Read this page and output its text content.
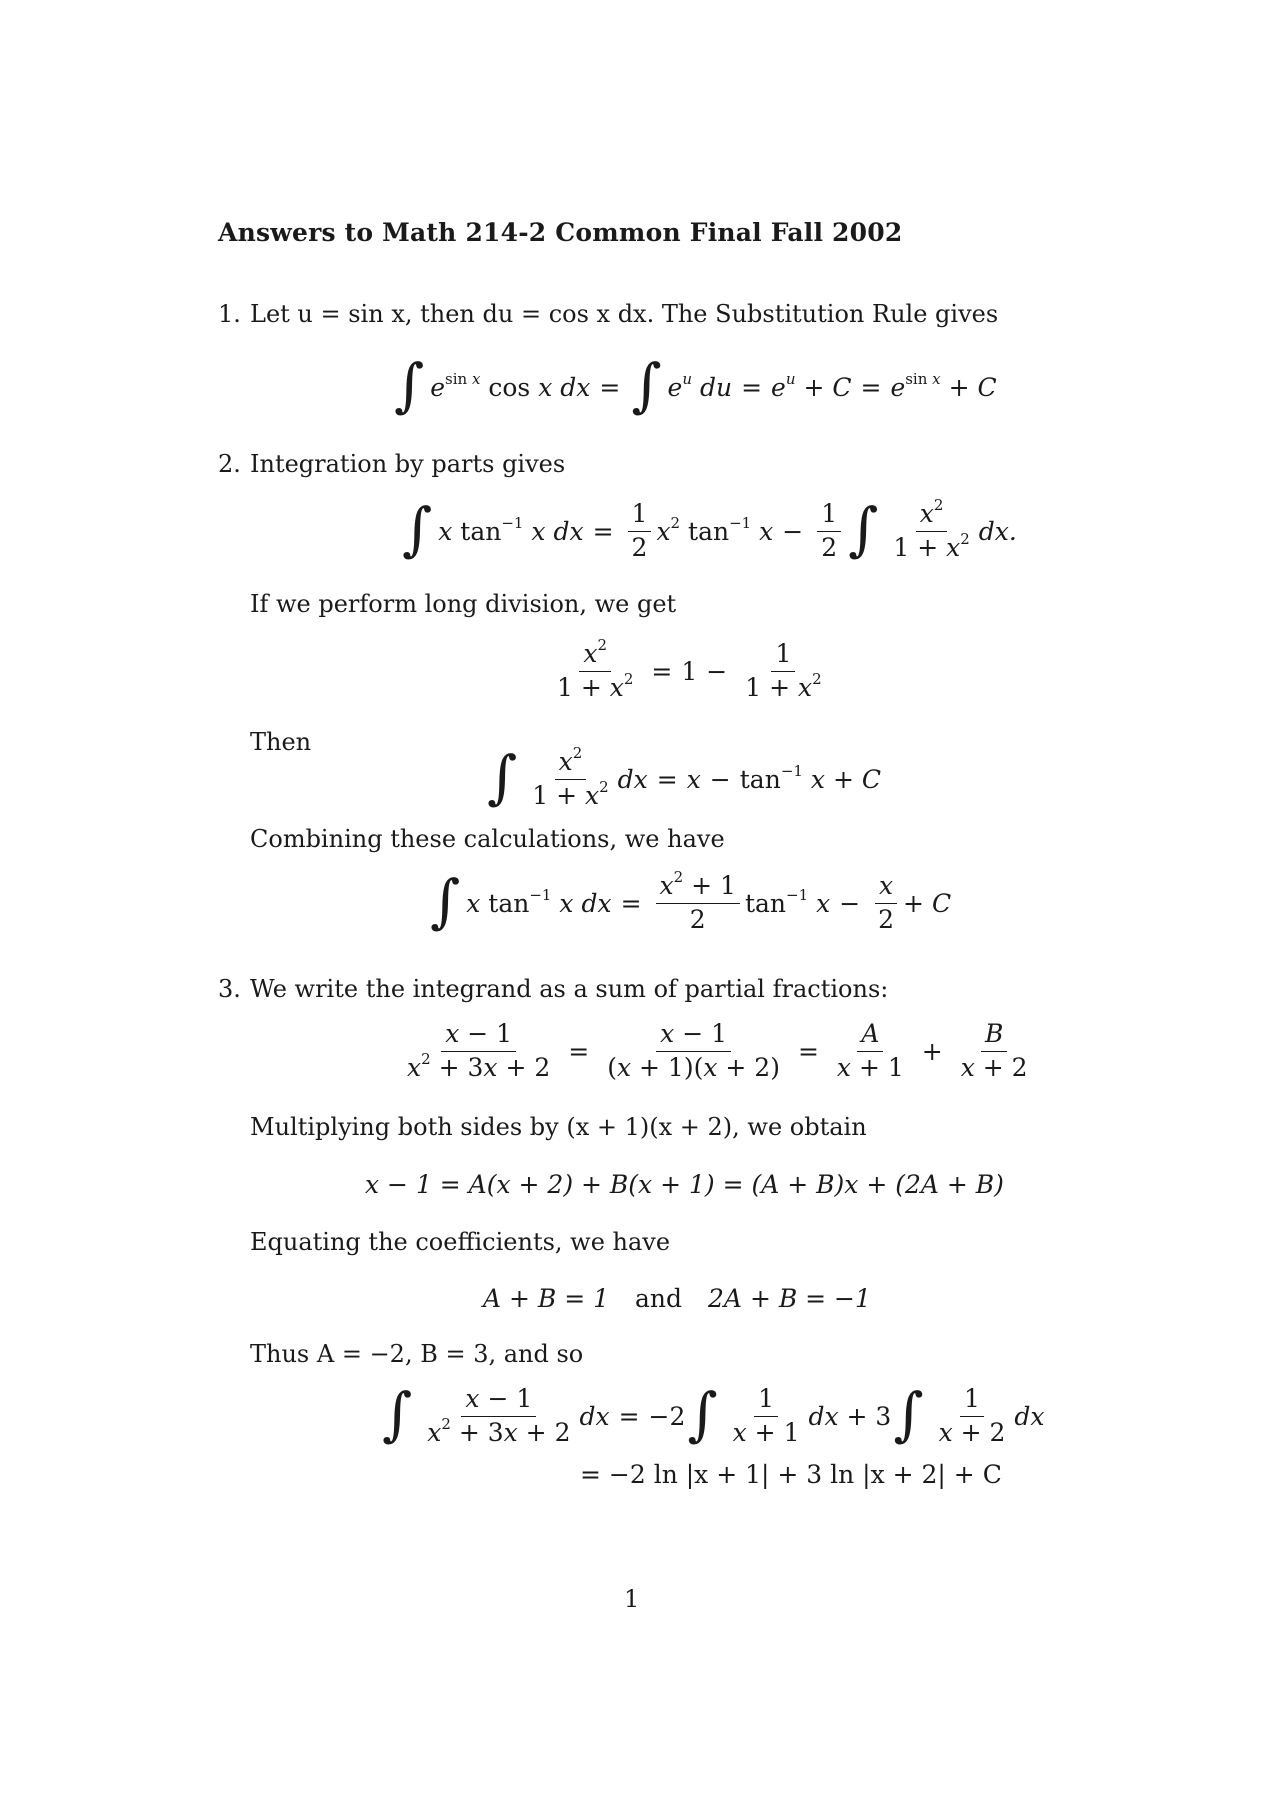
Answers to Math 214-2 Common Final Fall 2002
1. Let u = sin x, then du = cos x dx. The Substitution Rule gives
∫ $e^{sin x}$ cos x dx = ∫ $e^u$ du = $e^u + C = e^{sin x} + C$
2. Integration by parts gives
∫ x $\tan^{-1} x$ dx = $\frac{1}{2} x^2$ $\tan^{-1} x - \frac{1}{2}$ ∫ $\frac{x^2}{1 + x^2}$ dx.
If we perform long division, we get
$\frac{x^2}{1 + x^2} = 1 - \frac{1}{1 + x^2}$
Then
∫ $\frac{x^2}{1 + x^2}$ dx = $x - \tan^{-1} x + C$
Combining these calculations, we have
∫ x $\tan^{-1} x$ dx = $\frac{x^2 + 1}{2} \tan^{-1} x - \frac{x}{2} + C$
3. We write the integrand as a sum of partial fractions:
$\frac{x - 1}{x^2 + 3x + 2} = \frac{x - 1}{(x + 1)(x + 2)} = \frac{A}{x + 1} + \frac{B}{x + 2}$
Multiplying both sides by (x + 1)(x + 2), we obtain
x − 1 = A(x + 2) + B(x + 1) = (A + B)x + (2A + B)
Equating the coefficients, we have
A + B = 1 and 2A + B = −1
Thus A = −2, B = 3, and so
∫ $\frac{x - 1}{x^2 + 3x + 2}$ dx = −2 ∫ $\frac{1}{x + 1}$ dx + 3 ∫ $\frac{1}{x + 2}$ dx
= −2 ln |x + 1| + 3 ln |x + 2| + C
1
